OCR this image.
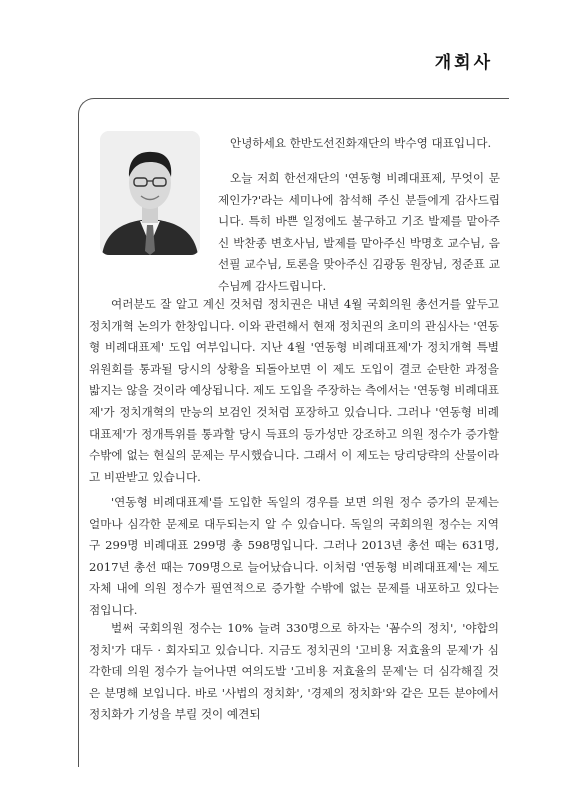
개회사

안녕하세요 한반도선진화재단의 박수영 대표입니다.

오늘 저희 한선재단의 '연동형 비례대표제, 무엇이 문제인가?'라는 세미나에 참석해 주신 분들에게 감사드립니다. 특히 바쁜 일정에도 불구하고 기조 발제를 맡아주신 박찬종 변호사님, 발제를 맡아주신 박명호 교수님, 음선필 교수님, 토론을 맞아주신 김광동 원장님, 정준표 교수님께 감사드립니다.

여러분도 잘 알고 계신 것처럼 정치권은 내년 4월 국회의원 총선거를 앞두고 정치개혁 논의가 한창입니다. 이와 관련해서 현재 정치권의 초미의 관심사는 '연동형 비례대표제' 도입 여부입니다. 지난 4월 '연동형 비례대표제'가 정치개혁 특별위원회를 통과될 당시의 상황을 되돌아보면 이 제도 도입이 결코 순탄한 과정을 밟지는 않을 것이라 예상됩니다. 제도 도입을 주장하는 측에서는 '연동형 비례대표제'가 정치개혁의 만능의 보검인 것처럼 포장하고 있습니다. 그러나 '연동형 비례대표제'가 정개특위를 통과할 당시 득표의 등가성만 강조하고 의원 정수가 증가할 수밖에 없는 현실의 문제는 무시했습니다. 그래서 이 제도는 당리당략의 산물이라고 비판받고 있습니다.

'연동형 비례대표제'를 도입한 독일의 경우를 보면 의원 정수 증가의 문제는 얼마나 심각한 문제로 대두되는지 알 수 있습니다. 독일의 국회의원 정수는 지역구 299명 비례대표 299명 총 598명입니다. 그러나 2013년 총선 때는 631명, 2017년 총선 때는 709명으로 늘어났습니다. 이처럼 '연동형 비례대표제'는 제도 자체 내에 의원 정수가 필연적으로 증가할 수밖에 없는 문제를 내포하고 있다는 점입니다.

벌써 국회의원 정수는 10% 늘려 330명으로 하자는 '꼼수의 정치', '야합의 정치'가 대두 · 회자되고 있습니다. 지금도 정치권의 '고비용 저효율의 문제'가 심각한데 의원 정수가 늘어나면 여의도발 '고비용 저효율의 문제'는 더 심각해질 것은 분명해 보입니다. 바로 '사법의 정치화', '경제의 정치화'와 같은 모든 분야에서 정치화가 기성을 부릴 것이 예견되
